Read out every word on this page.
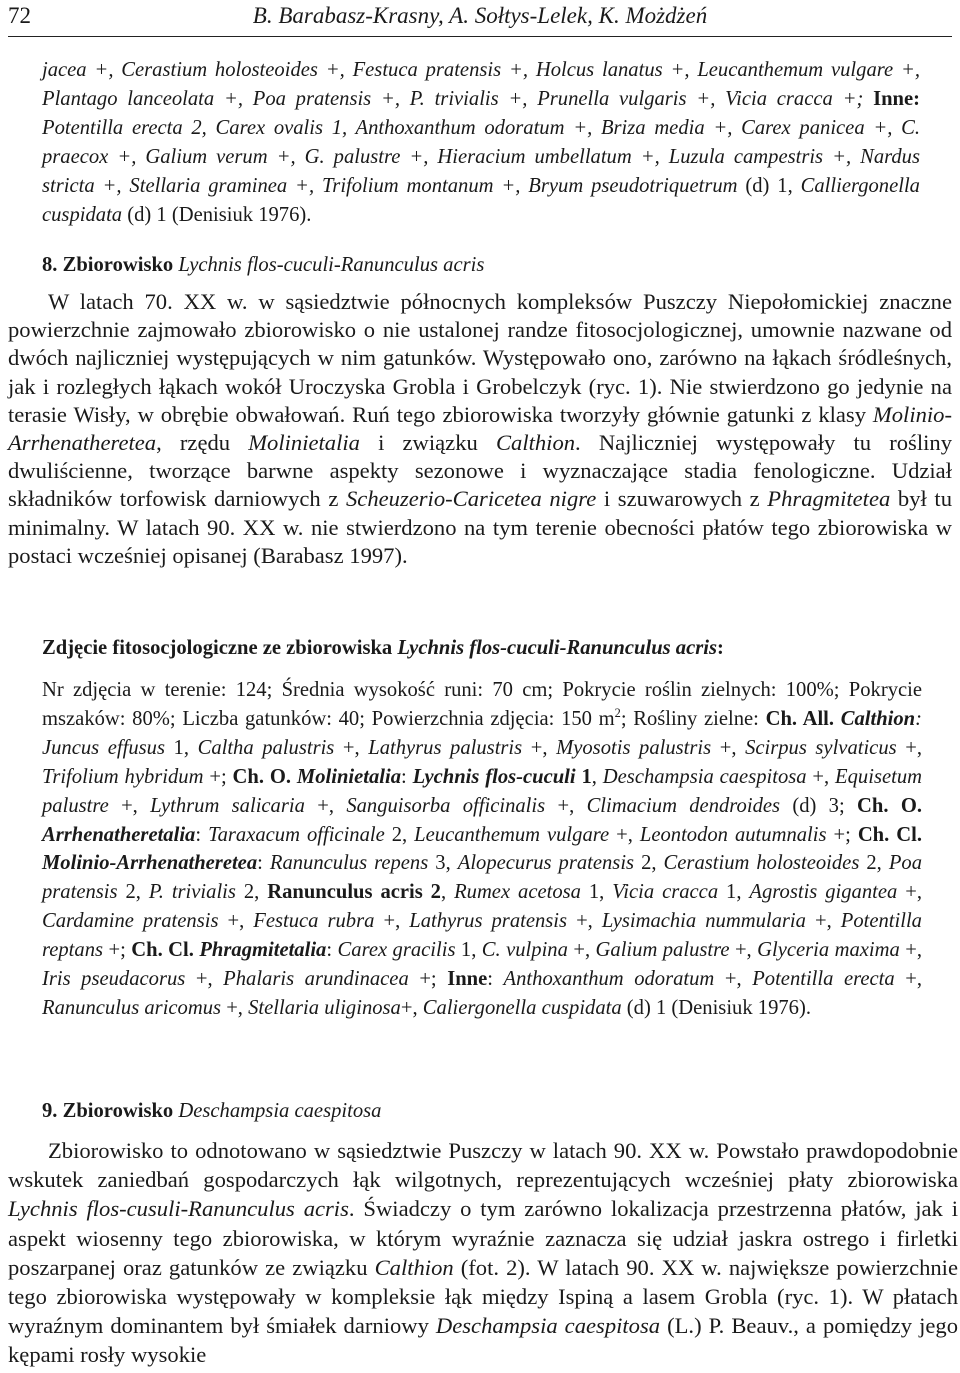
72	B. Barabasz-Krasny, A. Sołtys-Lelek, K. Możdżeń

jacea +, Cerastium holosteoides +, Festuca pratensis +, Holcus lanatus +, Leucanthemum vulgare +, Plantago lanceolata +, Poa pratensis +, P. trivialis +, Prunella vulgaris +, Vicia cracca +; Inne: Potentilla erecta 2, Carex ovalis 1, Anthoxanthum odoratum +, Briza media +, Carex panicea +, C. praecox +, Galium verum +, G. palustre +, Hieracium umbellatum +, Luzula campestris +, Nardus stricta +, Stellaria graminea +, Trifolium montanum +, Bryum pseudotriquetrum (d) 1, Calliergonella cuspidata (d) 1 (Denisiuk 1976).

8. Zbiorowisko Lychnis flos-cuculi-Ranunculus acris

W latach 70. XX w. w sąsiedztwie północnych kompleksów Puszczy Niepołomickiej znaczne powierzchnie zajmowało zbiorowisko o nie ustalonej randze fitosocjologicznej, umownie nazwane od dwóch najliczniej występujących w nim gatunków. Występowało ono, zarówno na łąkach śródleśnych, jak i rozległych łąkach wokół Uroczyska Grobla i Grobelczyk (ryc. 1). Nie stwierdzono go jedynie na terasie Wisły, w obrębie obwałowań. Ruń tego zbiorowiska tworzyły głównie gatunki z klasy Molinio-Arrhenatheretea, rzędu Molinietalia i związku Calthion. Najliczniej występowały tu rośliny dwuliścienne, tworzące barwne aspekty sezonowe i wyznaczające stadia fenologiczne. Udział składników torfowisk darniowych z Scheuzerio-Caricetea nigre i szuwarowych z Phragmitetea był tu minimalny. W latach 90. XX w. nie stwierdzono na tym terenie obecności płatów tego zbiorowiska w postaci wcześniej opisanej (Barabasz 1997).

Zdjęcie fitosocjologiczne ze zbiorowiska Lychnis flos-cuculi-Ranunculus acris:

Nr zdjęcia w terenie: 124; Średnia wysokość runi: 70 cm; Pokrycie roślin zielnych: 100%; Pokrycie mszaków: 80%; Liczba gatunków: 40; Powierzchnia zdjęcia: 150 $m^2$; Rośliny zielne: Ch. All. Calthion: Juncus effusus 1, Caltha palustris +, Lathyrus palustris +, Myosotis palustris +, Scirpus sylvaticus +, Trifolium hybridum +; Ch. O. Molinietalia: Lychnis flos-cuculi 1, Deschampsia caespitosa +, Equisetum palustre +, Lythrum salicaria +, Sanguisorba officinalis +, Climacium dendroides (d) 3; Ch. O. Arrhenatheretalia: Taraxacum officinale 2, Leucanthemum vulgare +, Leontodon autumnalis +; Ch. Cl. Molinio-Arrhenatheretea: Ranunculus repens 3, Alopecurus pratensis 2, Cerastium holosteoides 2, Poa pratensis 2, P. trivialis 2, Ranunculus acris 2, Rumex acetosa 1, Vicia cracca 1, Agrostis gigantea +, Cardamine pratensis +, Festuca rubra +, Lathyrus pratensis +, Lysimachia nummularia +, Potentilla reptans +; Ch. Cl. Phragmitetalia: Carex gracilis 1, C. vulpina +, Galium palustre +, Glyceria maxima +, Iris pseudacorus +, Phalaris arundinacea +; Inne: Anthoxanthum odoratum +, Potentilla erecta +, Ranunculus aricomus +, Stellaria uliginosa+, Caliergonella cuspidata (d) 1 (Denisiuk 1976).

9. Zbiorowisko Deschampsia caespitosa

Zbiorowisko to odnotowano w sąsiedztwie Puszczy w latach 90. XX w. Powstało prawdopodobnie wskutek zaniedbań gospodarczych łąk wilgotnych, reprezentujących wcześniej płaty zbiorowiska Lychnis flos-cusuli-Ranunculus acris. Świadczy o tym zarówno lokalizacja przestrzenna płatów, jak i aspekt wiosenny tego zbiorowiska, w którym wyraźnie zaznacza się udział jaskra ostrego i firletki poszarpanej oraz gatunków ze związku Calthion (fot. 2). W latach 90. XX w. największe powierzchnie tego zbiorowiska występowały w kompleksie łąk między Ispiną a lasem Grobla (ryc. 1). W płatach wyraźnym dominantem był śmiałek darniowy Deschampsia caespitosa (L.) P. Beauv., a pomiędzy jego kępami rosły wysokie
